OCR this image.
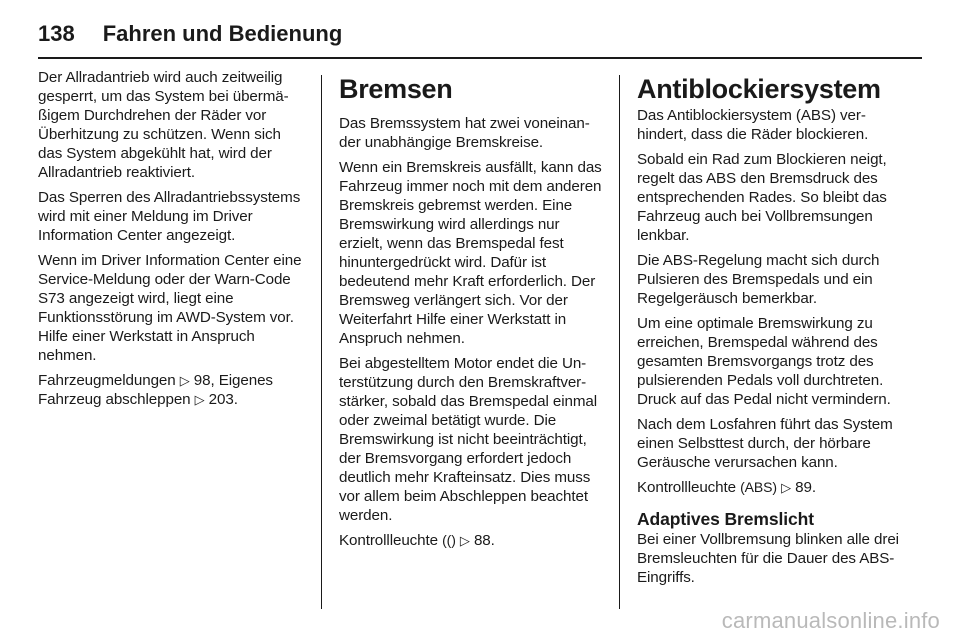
138 Fahren und Bedienung

Der Allradantrieb wird auch zeitweilig gesperrt, um das System bei übermäßigem Durchdrehen der Räder vor Überhitzung zu schützen. Wenn sich das System abgekühlt hat, wird der Allradantrieb reaktiviert.

Das Sperren des Allradantriebssystems wird mit einer Meldung im Driver Information Center angezeigt.

Wenn im Driver Information Center eine Service-Meldung oder der Warn-Code S73 angezeigt wird, liegt eine Funktionsstörung im AWD-System vor. Hilfe einer Werkstatt in Anspruch nehmen.

Fahrzeugmeldungen ▷ 98, Eigenes Fahrzeug abschleppen ▷ 203.

Bremsen

Das Bremssystem hat zwei voneinander unabhängige Bremskreise.

Wenn ein Bremskreis ausfällt, kann das Fahrzeug immer noch mit dem anderen Bremskreis gebremst werden. Eine Bremswirkung wird allerdings nur erzielt, wenn das Bremspedal fest hinuntergedrückt wird. Dafür ist bedeutend mehr Kraft erforderlich. Der Bremsweg verlängert sich. Vor der Weiterfahrt Hilfe einer Werkstatt in Anspruch nehmen.

Bei abgestelltem Motor endet die Unterstützung durch den Bremskraftverstärker, sobald das Bremspedal einmal oder zweimal betätigt wurde. Die Bremswirkung ist nicht beeinträchtigt, der Bremsvorgang erfordert jedoch deutlich mehr Krafteinsatz. Dies muss vor allem beim Abschleppen beachtet werden.

Kontrollleuchte (() ▷ 88.

Antiblockiersystem

Das Antiblockiersystem (ABS) verhindert, dass die Räder blockieren.

Sobald ein Rad zum Blockieren neigt, regelt das ABS den Bremsdruck des entsprechenden Rades. So bleibt das Fahrzeug auch bei Vollbremsungen lenkbar.

Die ABS-Regelung macht sich durch Pulsieren des Bremspedals und ein Regelgeräusch bemerkbar.

Um eine optimale Bremswirkung zu erreichen, Bremspedal während des gesamten Bremsvorgangs trotz des pulsierenden Pedals voll durchtreten. Druck auf das Pedal nicht vermindern.

Nach dem Losfahren führt das System einen Selbsttest durch, der hörbare Geräusche verursachen kann.

Kontrollleuchte (ABS) ▷ 89.

Adaptives Bremslicht

Bei einer Vollbremsung blinken alle drei Bremsleuchten für die Dauer des ABS-Eingriffs.

carmanualsonline.info
